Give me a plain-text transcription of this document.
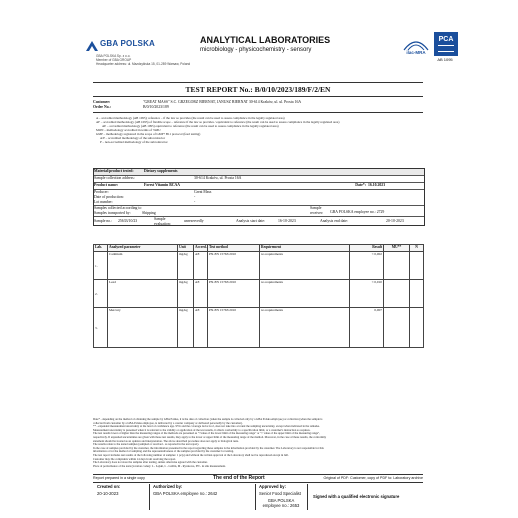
GBA POLSKA	ANALYTICAL LABORATORIES
microbiology - physicochemistry - sensory
GBA POLSKA Sp. z o.o.
Member of GBA GROUP
Headquarter address: ul. Mazdzykiska 15, 01-289 Warsaw, Poland
ilac-MRA
PCA
AB 1095
TEST REPORT No.: B/0/10/2023/189/F/2/EN
Customer:	"GREAT MASS" S.C. GRZEGORZ BIERNAT, JANUSZ BIERNAT 30-614 Kraków, ul. ul. Prosta 16A
Order No.:	B/0/10/2023/189
A – accredited methodology (AB 1095); reference – if the law so provides (the result can be used to assess compliance in the legally regulated area)
AF – accredited methodology (AB 1095) of flexible scope – reference if the law so provides / equivalent to reference (the result can be used to assess compliance in the legally regulated area)
AE – accredited methodology (AB 1095) equivalent to reference (the result can be used to assess compliance in the legally regulated area)
MON – methodology accredited in terms of %MU
GMP – methodology registered in the scope of GMP+ B11 protocol (feed testing)
A/P – accredited methodology of the subcontractor
P – non-accredited methodology of the subcontractor
Material/product tested:	Dietary supplements
Sample collection address:	30-614 Kraków, ul. Prosta 16A
Product name:	Forest Vitamin BCAA	Date*: 16.10.2023
Producer:	Great Mass
Date of production:	-
Lot number:	-
Samples collected according to
Samples transported by:	Shipping
Sample receiver:	GBA POLSKA employee no.: 2729
Sample no.: 25633/10/23	Sample evaluation:
unreservedly	Analysis start date:	16-10-2023	Analysis end date:	20-10-2023
Lab.	Analyzed parameter	Unit	Accred.	Test method	Requirement	Result	MU**	N
1.	Cadmium	mg/kg	AE	PN-EN 15763:2010	no requirements	< 0,002		
2.	Lead	mg/kg	AE	PN-EN 15763:2010	no requirements	< 0,010		
3.	Mercury	mg/kg	AE	PN-EN 15763:2010	no requirements	0,007		
Date* - depending on the method of obtaining the sample by GBA Polska, it is the date of collection (when the sample is collected only by a GBA Polska employee) or collection (when the sample is
collected from customer by a GBA Polska employee, is delivered by a courier company or delivered personally by the customer).
** - expanded measurement uncertainty at the level of confidence app. 95% and the coverage factor k=2, does not take into account the sampling uncertainty, except when indicated in the remarks.
Measurement uncertainty is presented when it is relevant to the validity or application of the test results, it affects conformity to a specification limit, or a customer's instruction so requires.
The test results lower or higher than the measuring ranges of the methods are presented as "<value of the lower limit of the measuring range" or "> value of the upper limit of the measuring range",
respectively. If expanded uncertainties are given with these test results, they apply to the lower or upper limit of the measuring range of the method. Moreover, in the case of these results, the conformity
statement should be treated as an opinion and interpretation. The above described procedure does not apply to biological tests.
The results relate to the tested samples (sampled or received - as reported in the test report).
In the case of samples provided by the customer, the information presented in the report regarding these samples is the information provided by the customer. The Laboratory is not responsible for this
information or for the method of sampling and the representativeness of the samples provided by the customer for testing.
The test report includes test results of the following number of samples: 1 pc(s) and without the written approval of the Laboratory shall not be reproduced except in full.
Customer may file complaints within 14 days from receiving the report.
The Laboratory does not store the samples after testing, unless otherwise agreed with the customer.
Place of performance of the tests (location codes): L - Łajski, L - Lublin, M - Rywkowa, PN - in situ measurement.
Report prepared in a single copy	The end of the Report	Original of PDF: Customer, copy of PDF to: Laboratory archive
Created on:
20-10-2023
Authorized by:
GBA POLSKA employee no.: 2642
Approved by:
Senior Food Specialist
GBA POLSKA employee no.: 2653
Signed with a qualified electronic signature
